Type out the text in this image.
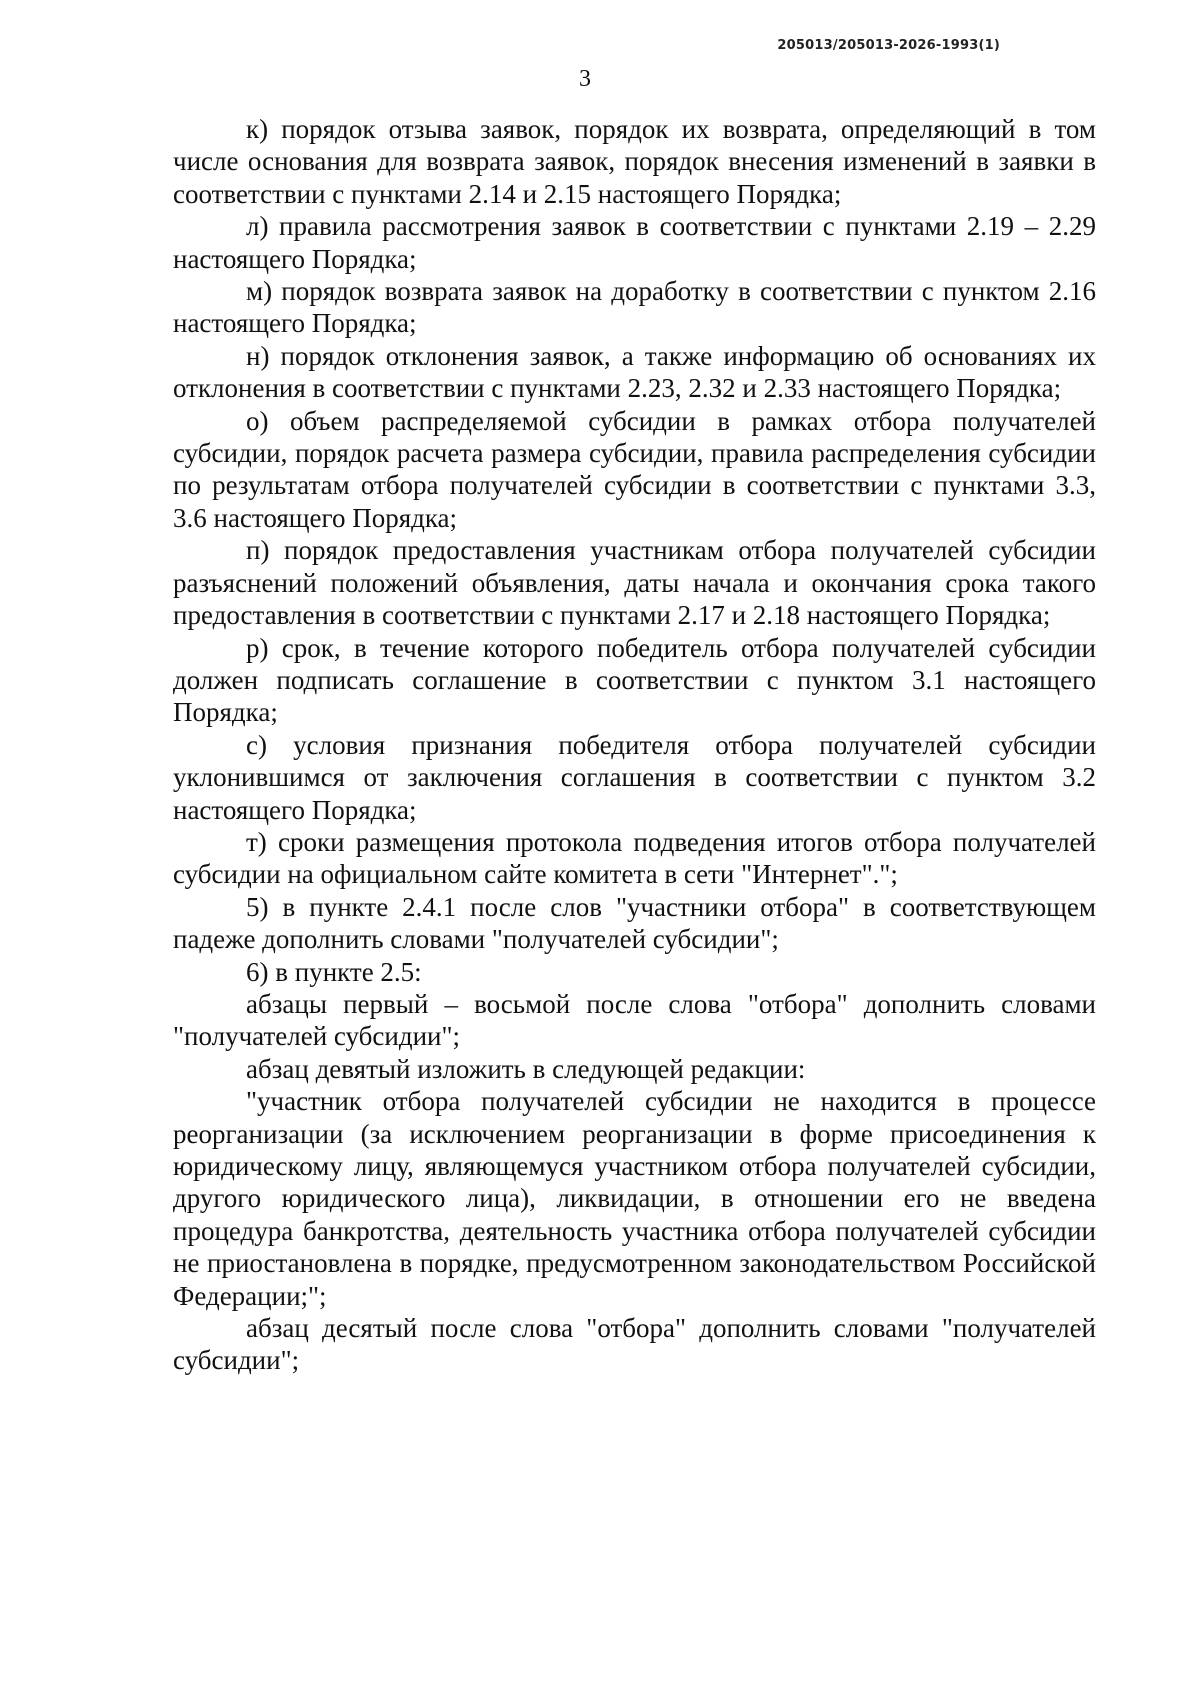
205013/205013-2026-1993(1)
3

к) порядок отзыва заявок, порядок их возврата, определяющий в том числе основания для возврата заявок, порядок внесения изменений в заявки в соответствии с пунктами 2.14 и 2.15 настоящего Порядка;

л) правила рассмотрения заявок в соответствии с пунктами 2.19 – 2.29 настоящего Порядка;

м) порядок возврата заявок на доработку в соответствии с пунктом 2.16 настоящего Порядка;

н) порядок отклонения заявок, а также информацию об основаниях их отклонения в соответствии с пунктами 2.23, 2.32 и 2.33 настоящего Порядка;

о) объем распределяемой субсидии в рамках отбора получателей субсидии, порядок расчета размера субсидии, правила распределения субсидии по результатам отбора получателей субсидии в соответствии с пунктами 3.3, 3.6 настоящего Порядка;

п) порядок предоставления участникам отбора получателей субсидии разъяснений положений объявления, даты начала и окончания срока такого предоставления в соответствии с пунктами 2.17 и 2.18 настоящего Порядка;

р) срок, в течение которого победитель отбора получателей субсидии должен подписать соглашение в соответствии с пунктом 3.1 настоящего Порядка;

с) условия признания победителя отбора получателей субсидии уклонившимся от заключения соглашения в соответствии с пунктом 3.2 настоящего Порядка;

т) сроки размещения протокола подведения итогов отбора получателей субсидии на официальном сайте комитета в сети "Интернет".";

5) в пункте 2.4.1 после слов "участники отбора" в соответствующем падеже дополнить словами "получателей субсидии";

6) в пункте 2.5:

абзацы первый – восьмой после слова "отбора" дополнить словами "получателей субсидии";

абзац девятый изложить в следующей редакции:

"участник отбора получателей субсидии не находится в процессе реорганизации (за исключением реорганизации в форме присоединения к юридическому лицу, являющемуся участником отбора получателей субсидии, другого юридического лица), ликвидации, в отношении его не введена процедура банкротства, деятельность участника отбора получателей субсидии не приостановлена в порядке, предусмотренном законодательством Российской Федерации;";

абзац десятый после слова "отбора" дополнить словами "получателей субсидии";
